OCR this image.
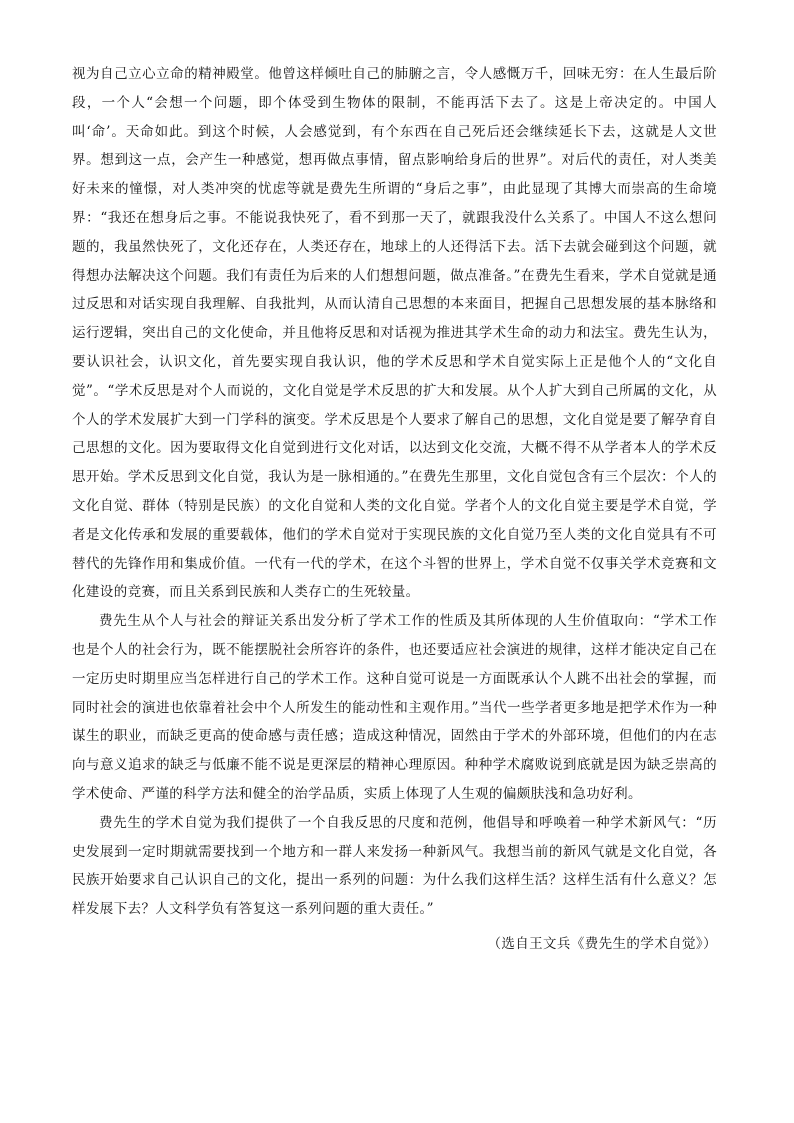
视为自己立心立命的精神殿堂。他曾这样倾吐自己的肺腑之言，令人感慨万千，回味无穷：在人生最后阶段，一个人“会想一个问题，即个体受到生物体的限制，不能再活下去了。这是上帝决定的。中国人叫‘命’。天命如此。到这个时候，人会感觉到，有个东西在自己死后还会继续延长下去，这就是人文世界。想到这一点，会产生一种感觉，想再做点事情，留点影响给身后的世界”。对后代的责任，对人类美好未来的憧憬，对人类冲突的忧虑等就是费先生所谓的“身后之事”，由此显现了其博大而崇高的生命境界：“我还在想身后之事。不能说我快死了，看不到那一天了，就跟我没什么关系了。中国人不这么想问题的，我虽然快死了，文化还存在，人类还存在，地球上的人还得活下去。活下去就会碰到这个问题，就得想办法解决这个问题。我们有责任为后来的人们想想问题，做点准备。”在费先生看来，学术自觉就是通过反思和对话实现自我理解、自我批判，从而认清自己思想的本来面目，把握自己思想发展的基本脉络和运行逻辑，突出自己的文化使命，并且他将反思和对话视为推进其学术生命的动力和法宝。费先生认为，要认识社会，认识文化，首先要实现自我认识，他的学术反思和学术自觉实际上正是他个人的“文化自觉”。“学术反思是对个人而说的，文化自觉是学术反思的扩大和发展。从个人扩大到自己所属的文化，从个人的学术发展扩大到一门学科的演变。学术反思是个人要求了解自己的思想，文化自觉是要了解孕育自己思想的文化。因为要取得文化自觉到进行文化对话，以达到文化交流，大概不得不从学者本人的学术反思开始。学术反思到文化自觉，我认为是一脉相通的。”在费先生那里，文化自觉包含有三个层次：个人的文化自觉、群体（特别是民族）的文化自觉和人类的文化自觉。学者个人的文化自觉主要是学术自觉，学者是文化传承和发展的重要载体，他们的学术自觉对于实现民族的文化自觉乃至人类的文化自觉具有不可替代的先锋作用和集成价值。一代有一代的学术，在这个斗智的世界上，学术自觉不仅事关学术竞赛和文化建设的竞赛，而且关系到民族和人类存亡的生死较量。

费先生从个人与社会的辩证关系出发分析了学术工作的性质及其所体现的人生价值取向：“学术工作也是个人的社会行为，既不能摆脱社会所容许的条件，也还要适应社会演进的规律，这样才能决定自己在一定历史时期里应当怎样进行自己的学术工作。这种自觉可说是一方面既承认个人跳不出社会的掌握，而同时社会的演进也依靠着社会中个人所发生的能动性和主观作用。”当代一些学者更多地是把学术作为一种谋生的职业，而缺乏更高的使命感与责任感；造成这种情况，固然由于学术的外部环境，但他们的内在志向与意义追求的缺乏与低廉不能不说是更深层的精神心理原因。种种学术腐败说到底就是因为缺乏崇高的学术使命、严谨的科学方法和健全的治学品质，实质上体现了人生观的偏颇肤浅和急功好利。

费先生的学术自觉为我们提供了一个自我反思的尺度和范例，他倡导和呼唤着一种学术新风气：“历史发展到一定时期就需要找到一个地方和一群人来发扬一种新风气。我想当前的新风气就是文化自觉，各民族开始要求自己认识自己的文化，提出一系列的问题：为什么我们这样生活？这样生活有什么意义？怎样发展下去？人文科学负有答复这一系列问题的重大责任。”

（选自王文兵《费先生的学术自觉》）
